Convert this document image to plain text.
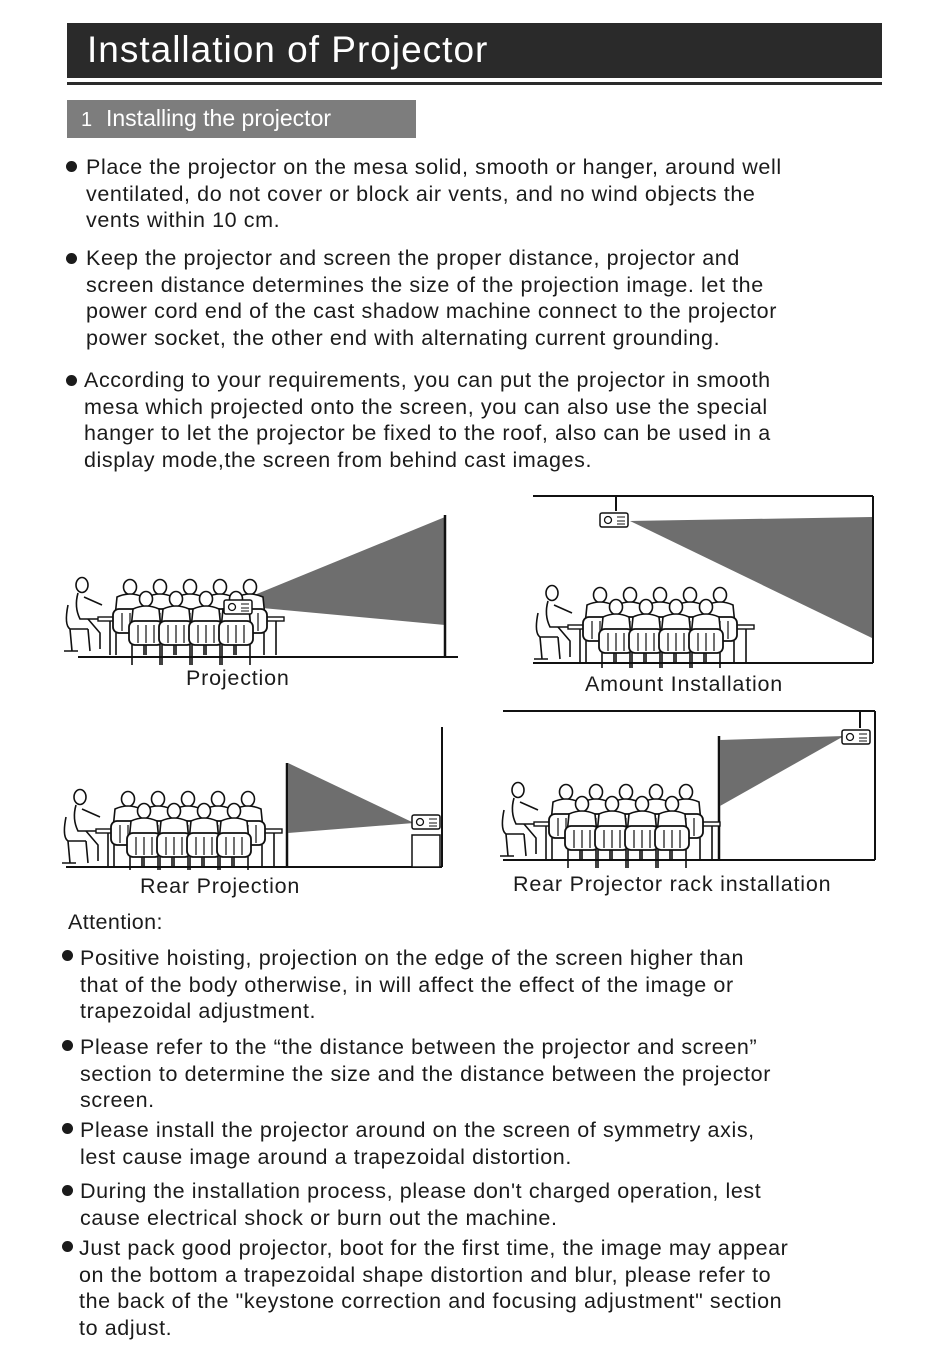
Installation of Projector
1 Installing the projector
Place the projector on the mesa solid, smooth or hanger, around well
ventilated, do not cover or block air vents, and no wind objects the
vents within 10 cm.
Keep the projector and screen the proper distance, projector and
screen distance determines the size of the projection image. let the
power cord end of the cast shadow machine connect to the projector
power socket, the other end with alternating current grounding.
According to your requirements, you can put the projector in smooth
mesa which projected onto the screen, you can also use the special
hanger to let the projector be fixed to the roof, also can be used in a
display mode,the screen from behind cast images.
Projection	Amount Installation
Rear Projection	Rear Projector rack installation
Attention:
Positive hoisting, projection on the edge of the screen higher than
that of the body otherwise, in will affect the effect of the image or
trapezoidal adjustment.
Please refer to the “the distance between the projector and screen”
section to determine the size and the distance between the projector
screen.
Please install the projector around on the screen of symmetry axis,
lest cause image around a trapezoidal distortion.
During the installation process, please don't charged operation, lest
cause electrical shock or burn out the machine.
Just pack good projector, boot for the first time, the image may appear
on the bottom a trapezoidal shape distortion and blur, please refer to
the back of the "keystone correction and focusing adjustment" section
to adjust.
